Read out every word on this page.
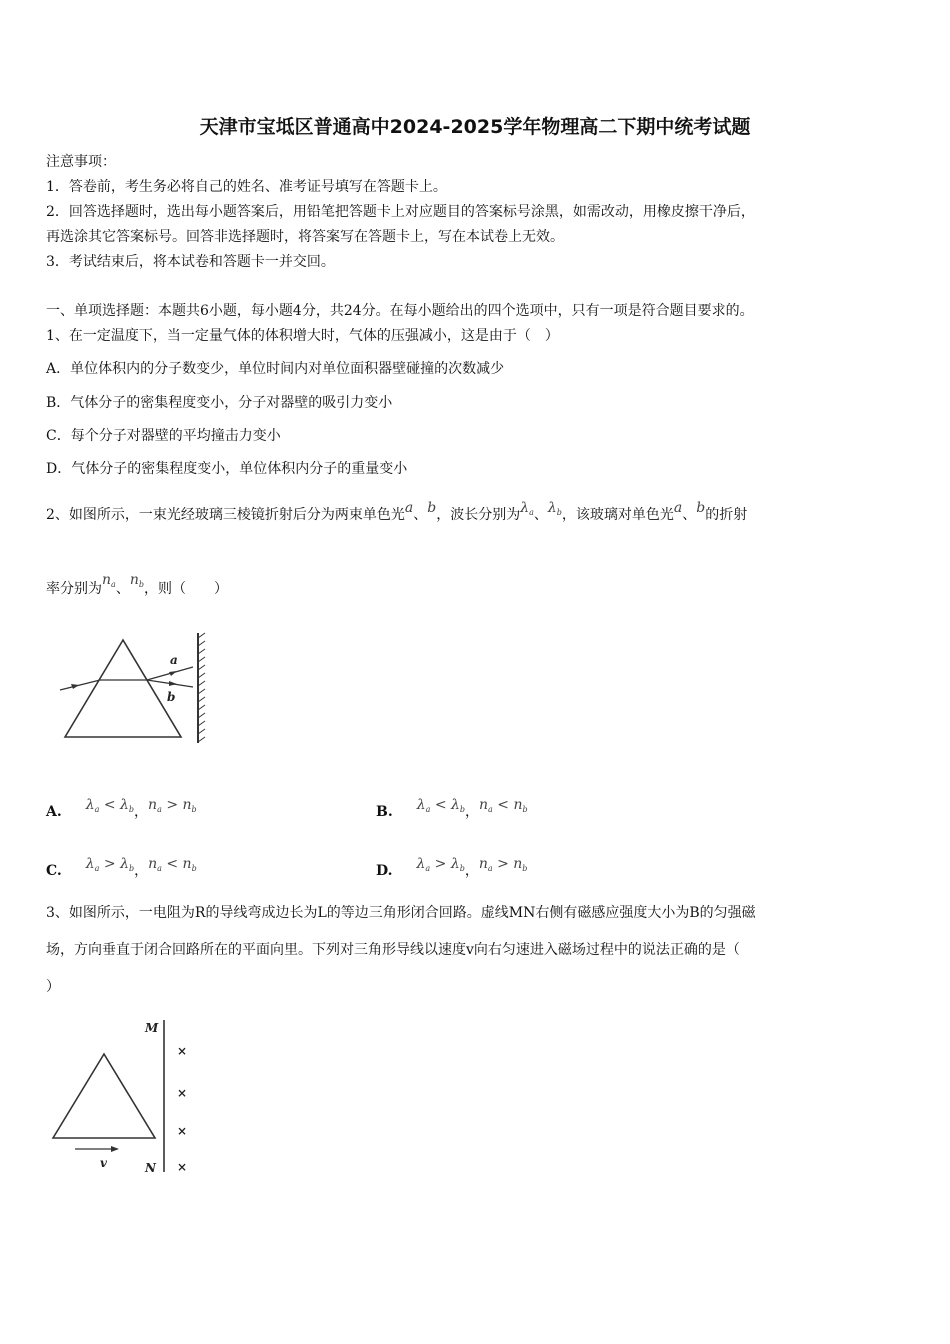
天津市宝坻区普通高中2024-2025学年物理高二下期中统考试题
注意事项：
1．答卷前，考生务必将自己的姓名、准考证号填写在答题卡上。
2．回答选择题时，选出每小题答案后，用铅笔把答题卡上对应题目的答案标号涂黑，如需改动，用橡皮擦干净后，
再选涂其它答案标号。回答非选择题时，将答案写在答题卡上，写在本试卷上无效。
3．考试结束后，将本试卷和答题卡一并交回。
一、单项选择题：本题共6小题，每小题4分，共24分。在每小题给出的四个选项中，只有一项是符合题目要求的。
1、在一定温度下，当一定量气体的体积增大时，气体的压强减小，这是由于（　）
A．单位体积内的分子数变少，单位时间内对单位面积器壁碰撞的次数减少
B．气体分子的密集程度变小，分子对器壁的吸引力变小
C．每个分子对器壁的平均撞击力变小
D．气体分子的密集程度变小，单位体积内分子的重量变小
2、如图所示，一束光经玻璃三棱镜折射后分为两束单色光a、b，波长分别为$\lambda_a$、$\lambda_b$，该玻璃对单色光a、b的折射
率分别为$n_a$、$n_b$，则（　　）
a
b
A. $\lambda_a < \lambda_b$，$n_a > n_b$	B. $\lambda_a < \lambda_b$，$n_a < n_b$
C. $\lambda_a > \lambda_b$，$n_a < n_b$	D. $\lambda_a > \lambda_b$，$n_a > n_b$
3、如图所示，一电阻为R的导线弯成边长为L的等边三角形闭合回路。虚线MN右侧有磁感应强度大小为B的匀强磁
场，方向垂直于闭合回路所在的平面向里。下列对三角形导线以速度v向右匀速进入磁场过程中的说法正确的是（
）
M
N
v
×
×
×
×
